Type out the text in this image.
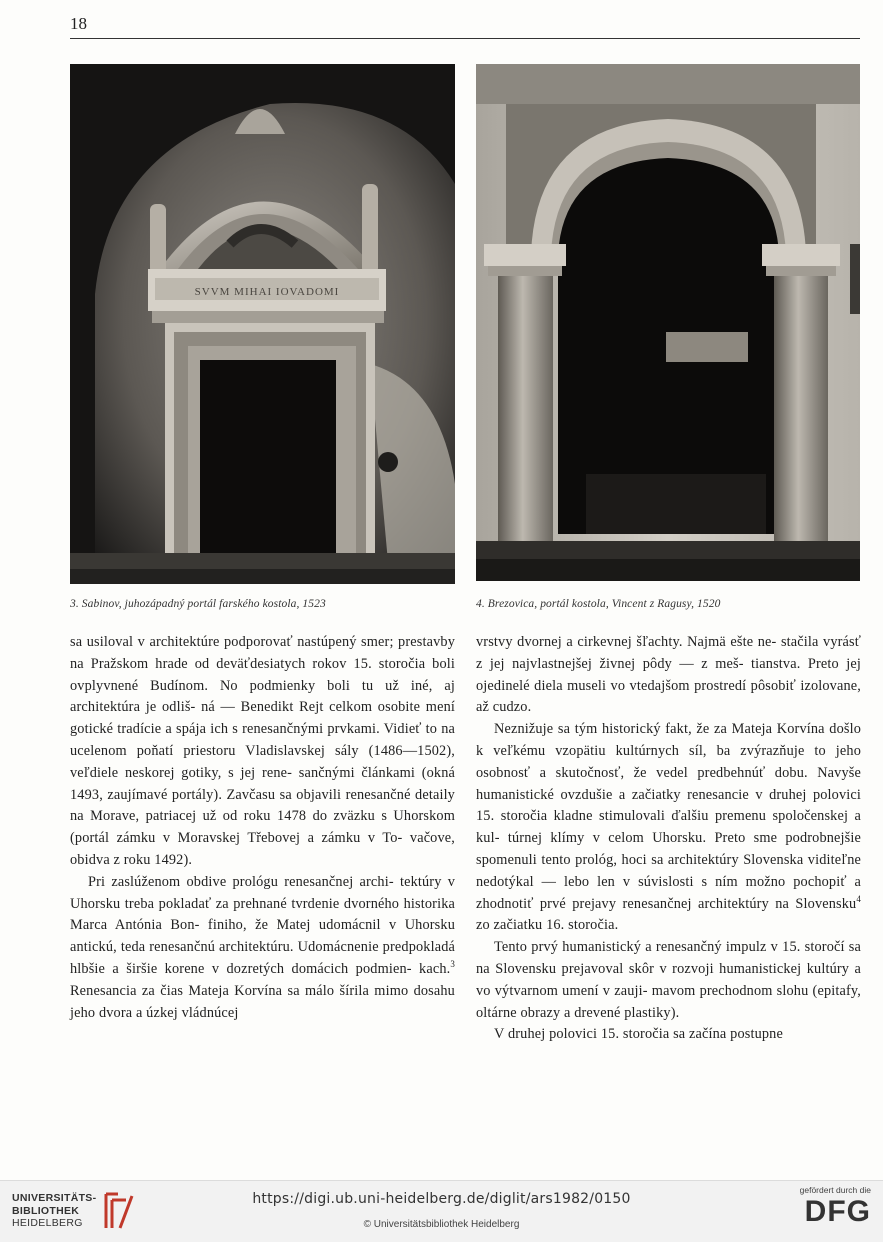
18
SVVM MIHAI IOVADOMI
3. Sabinov, juhozápadný portál farského kostola, 1523	4. Brezovica, portál kostola, Vincent z Ragusy, 1520

sa usiloval v architektúre podporovať nastúpený smer; prestavby na Pražskom hrade od deväťdesiatych rokov 15. storočia boli ovplyvnené Budínom. No podmienky boli tu už iné, aj architektúra je odliš- ná — Benedikt Rejt celkom osobite mení gotické tradície a spája ich s renesančnými prvkami. Vidieť to na ucelenom poňatí priestoru Vladislavskej sály (1486—1502), veľdiele neskorej gotiky, s jej rene- sančnými článkami (okná 1493, zaujímavé portály). Zavčasu sa objavili renesančné detaily na Morave, patriacej už od roku 1478 do zväzku s Uhorskom (portál zámku v Moravskej Třebovej a zámku v To- vačove, obidva z roku 1492).

Pri zaslúženom obdive prológu renesančnej archi- tektúry v Uhorsku treba pokladať za prehnané tvrdenie dvorného historika Marca Antónia Bon- finiho, že Matej udomácnil v Uhorsku antickú, teda renesančnú architektúru. Udomácnenie predpokladá hlbšie a širšie korene v dozretých domácich podmien- kach.$^3$ Renesancia za čias Mateja Korvína sa málo šírila mimo dosahu jeho dvora a úzkej vládnúcej

vrstvy dvornej a cirkevnej šľachty. Najmä ešte ne- stačila vyrásť z jej najvlastnejšej živnej pôdy — z meš- tianstva. Preto jej ojedinelé diela museli vo vtedajšom prostredí pôsobiť izolovane, až cudzo.

Neznižuje sa tým historický fakt, že za Mateja Korvína došlo k veľkému vzopätiu kultúrnych síl, ba zvýrazňuje to jeho osobnosť a skutočnosť, že vedel predbehnúť dobu. Navyše humanistické ovzdušie a začiatky renesancie v druhej polovici 15. storočia kladne stimulovali ďalšiu premenu spoločenskej a kul- túrnej klímy v celom Uhorsku. Preto sme podrobnejšie spomenuli tento prológ, hoci sa architektúry Slovenska viditeľne nedotýkal — lebo len v súvislosti s ním možno pochopiť a zhodnotiť prvé prejavy renesančnej architektúry na Slovensku$^4$ zo začiatku 16. storočia.

Tento prvý humanistický a renesančný impulz v 15. storočí sa na Slovensku prejavoval skôr v rozvoji humanistickej kultúry a vo výtvarnom umení v zauji- mavom prechodnom slohu (epitafy, oltárne obrazy a drevené plastiky).

V druhej polovici 15. storočia sa začína postupne

UNIVERSITÄTS-
BIBLIOTHEK
HEIDELBERG
https://digi.ub.uni-heidelberg.de/diglit/ars1982/0150
© Universitätsbibliothek Heidelberg
gefördert durch die
DFG
